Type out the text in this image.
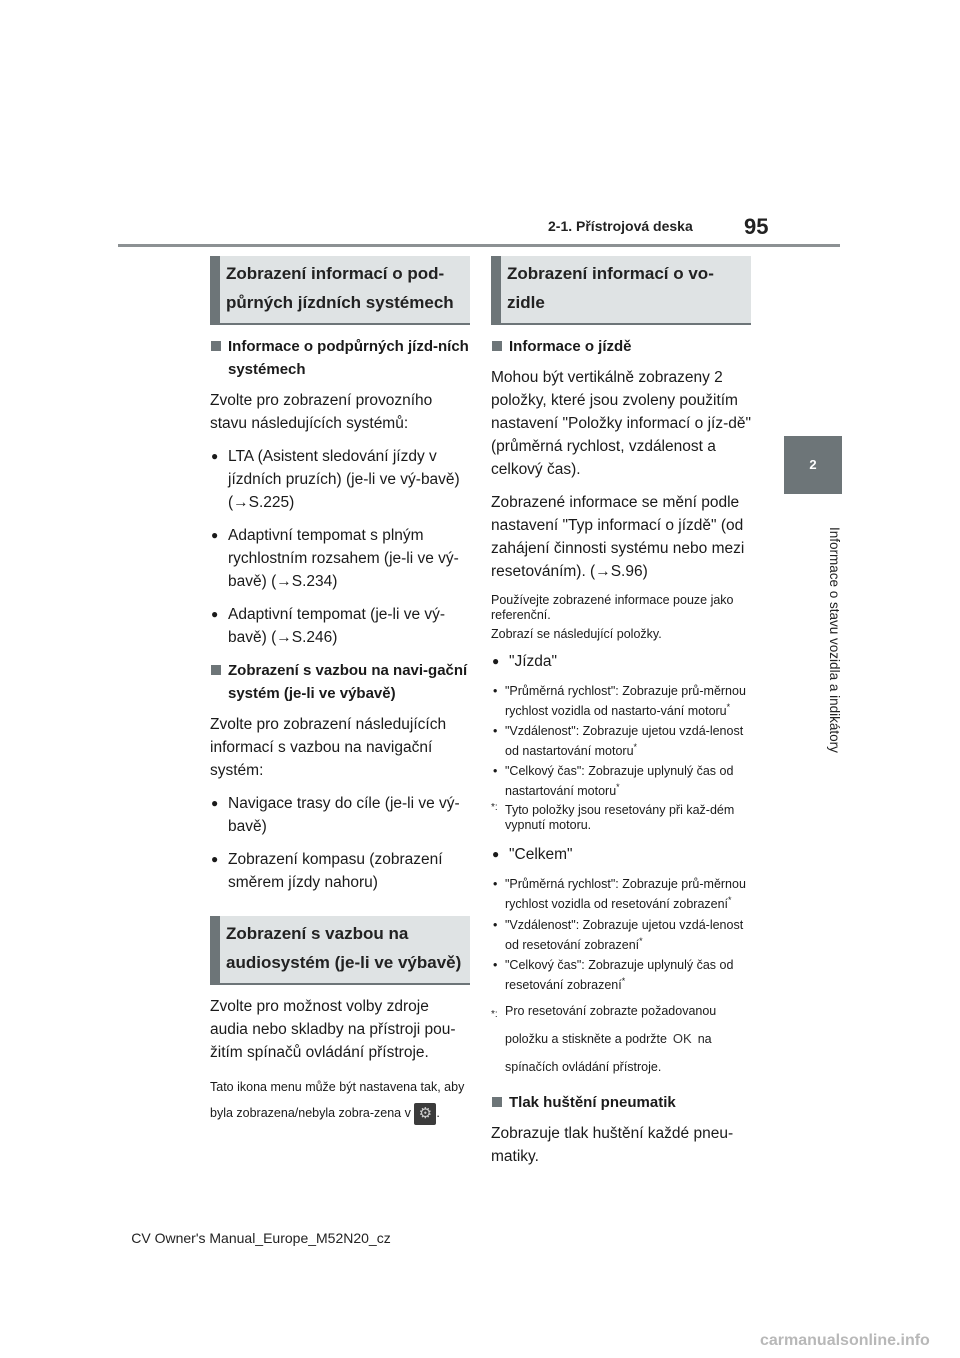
2-1. Přístrojová deska 95
2
Informace o stavu vozidla a indikátory
Zobrazení informací o pod-půrných jízdních systémech
Informace o podpůrných jízd-ních systémech
Zvolte pro zobrazení provozního stavu následujících systémů:
● LTA (Asistent sledování jízdy v jízdních pruzích) (je-li ve vý-bavě) (→S.225)
● Adaptivní tempomat s plným rychlostním rozsahem (je-li ve vý-bavě) (→S.234)
● Adaptivní tempomat (je-li ve vý-bavě) (→S.246)
Zobrazení s vazbou na navi-gační systém (je-li ve výbavě)
Zvolte pro zobrazení následujících informací s vazbou na navigační systém:
● Navigace trasy do cíle (je-li ve vý-bavě)
● Zobrazení kompasu (zobrazení směrem jízdy nahoru)
Zobrazení s vazbou na audiosystém (je-li ve výbavě)
Zvolte pro možnost volby zdroje audia nebo skladby na přístroji pou-žitím spínačů ovládání přístroje.
Tato ikona menu může být nastavena tak, aby byla zobrazena/nebyla zobra-zena v ⚙ .
Zobrazení informací o vo-zidle
Informace o jízdě
Mohou být vertikálně zobrazeny 2 položky, které jsou zvoleny použitím nastavení "Položky informací o jíz-dě" (průměrná rychlost, vzdálenost a celkový čas).
Zobrazené informace se mění podle nastavení "Typ informací o jízdě" (od zahájení činnosti systému nebo mezi resetováním). (→S.96)
Používejte zobrazené informace pouze jako referenční.
Zobrazí se následující položky.
● "Jízda"
• "Průměrná rychlost": Zobrazuje prů-měrnou rychlost vozidla od nastarto-vání motoru*
• "Vzdálenost": Zobrazuje ujetou vzdá-lenost od nastartování motoru*
• "Celkový čas": Zobrazuje uplynulý čas od nastartování motoru*
*: Tyto položky jsou resetovány při kaž-dém vypnutí motoru.
● "Celkem"
• "Průměrná rychlost": Zobrazuje prů-měrnou rychlost vozidla od resetování zobrazení*
• "Vzdálenost": Zobrazuje ujetou vzdá-lenost od resetování zobrazení*
• "Celkový čas": Zobrazuje uplynulý čas od resetování zobrazení*
*: Pro resetování zobrazte požadovanou položku a stiskněte a podržte OK na spínačích ovládání přístroje.
Tlak huštění pneumatik
Zobrazuje tlak huštění každé pneu-matiky.
CV Owner's Manual_Europe_M52N20_cz
carmanualsonline.info
